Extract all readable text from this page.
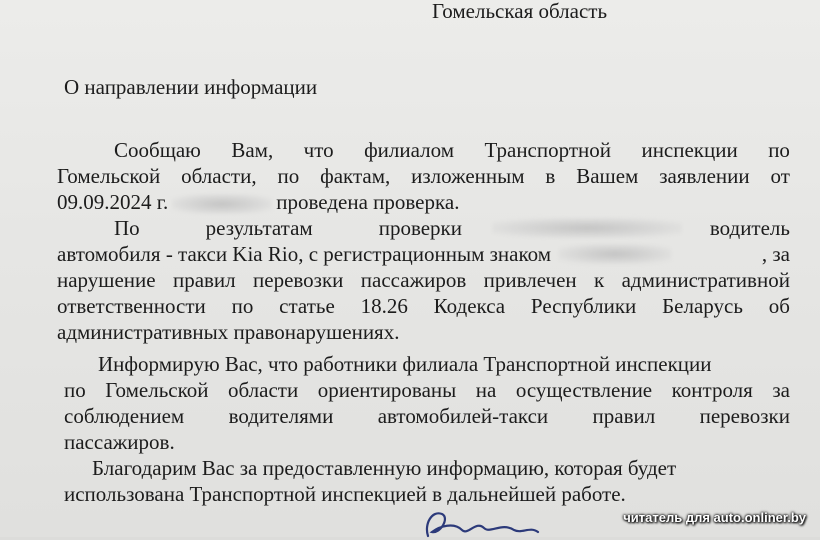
Гомельская область
О направлении информации
Сообщаю Вам, что филиалом Транспортной инспекции по
Гомельской области, по фактам, изложенным в Вашем заявлении от
09.09.2024 г.	проведена проверка.
По	результатам	проверки	водитель
автомобиля - такси Kia Rio, с регистрационным знаком	, за
нарушение правил перевозки пассажиров привлечен к административной
ответственности по статье 18.26 Кодекса Республики Беларусь об
административных правонарушениях.
Информирую Вас, что работники филиала Транспортной инспекции
по Гомельской области ориентированы на осуществление контроля за
соблюдением водителями автомобилей-такси правил перевозки
пассажиров.
Благодарим Вас за предоставленную информацию, которая будет
использована Транспортной инспекцией в дальнейшей работе.
читатель для auto.onliner.by
